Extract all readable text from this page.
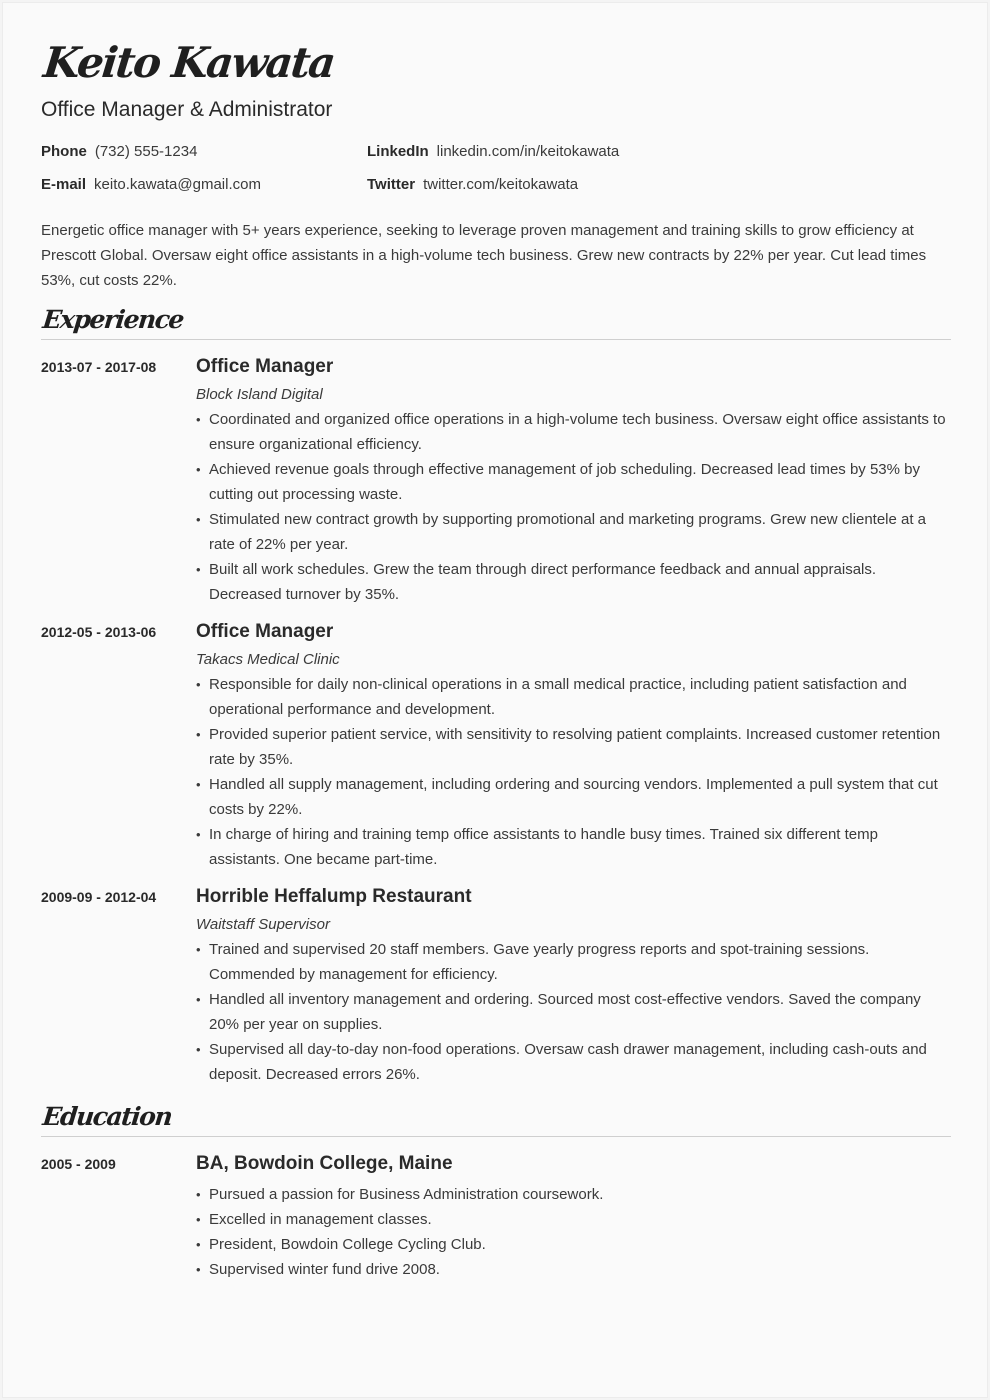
Keito Kawata
Office Manager & Administrator
Phone (732) 555-1234
E-mail keito.kawata@gmail.com
LinkedIn linkedin.com/in/keitokawata
Twitter twitter.com/keitokawata
Energetic office manager with 5+ years experience, seeking to leverage proven management and training skills to grow efficiency at Prescott Global. Oversaw eight office assistants in a high-volume tech business. Grew new contracts by 22% per year. Cut lead times 53%, cut costs 22%.
Experience
2013-07 - 2017-08 Office Manager
Block Island Digital
• Coordinated and organized office operations in a high-volume tech business. Oversaw eight office assistants to ensure organizational efficiency.
• Achieved revenue goals through effective management of job scheduling. Decreased lead times by 53% by cutting out processing waste.
• Stimulated new contract growth by supporting promotional and marketing programs. Grew new clientele at a rate of 22% per year.
• Built all work schedules. Grew the team through direct performance feedback and annual appraisals. Decreased turnover by 35%.
2012-05 - 2013-06 Office Manager
Takacs Medical Clinic
• Responsible for daily non-clinical operations in a small medical practice, including patient satisfaction and operational performance and development.
• Provided superior patient service, with sensitivity to resolving patient complaints. Increased customer retention rate by 35%.
• Handled all supply management, including ordering and sourcing vendors. Implemented a pull system that cut costs by 22%.
• In charge of hiring and training temp office assistants to handle busy times. Trained six different temp assistants. One became part-time.
2009-09 - 2012-04 Horrible Heffalump Restaurant
Waitstaff Supervisor
• Trained and supervised 20 staff members. Gave yearly progress reports and spot-training sessions. Commended by management for efficiency.
• Handled all inventory management and ordering. Sourced most cost-effective vendors. Saved the company 20% per year on supplies.
• Supervised all day-to-day non-food operations. Oversaw cash drawer management, including cash-outs and deposit. Decreased errors 26%.
Education
2005 - 2009	BA, Bowdoin College, Maine
• Pursued a passion for Business Administration coursework.
• Excelled in management classes.
• President, Bowdoin College Cycling Club.
• Supervised winter fund drive 2008.
